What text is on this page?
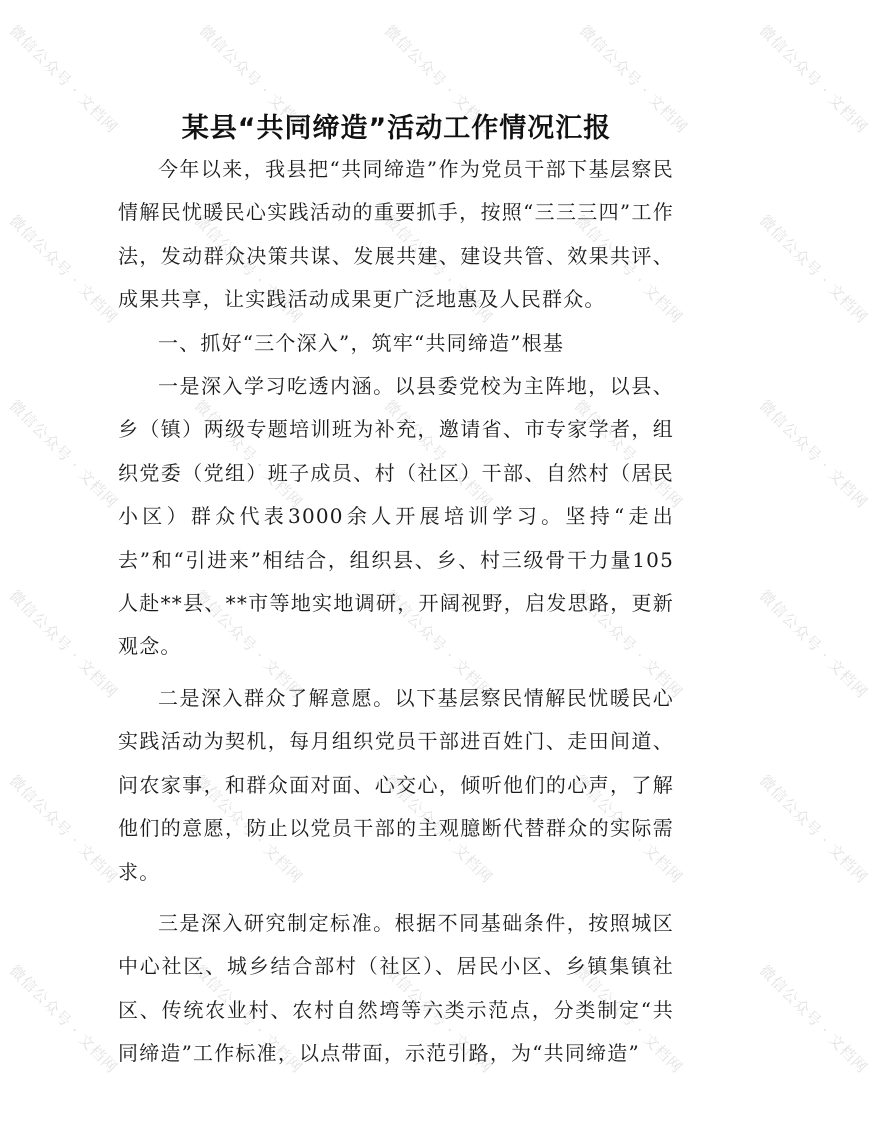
微信公众号 · 文档网	微信公众号 · 文档网	微信公众号 · 文档网	微信公众号 · 文档网	微信公众号 · 文档网
微信公众号 · 文档网	微信公众号 · 文档网	微信公众号 · 文档网	微信公众号 · 文档网	微信公众号 · 文档网
微信公众号 · 文档网	微信公众号 · 文档网	微信公众号 · 文档网	微信公众号 · 文档网	微信公众号 · 文档网
微信公众号 · 文档网	微信公众号 · 文档网	微信公众号 · 文档网	微信公众号 · 文档网	微信公众号 · 文档网
微信公众号 · 文档网	微信公众号 · 文档网	微信公众号 · 文档网	微信公众号 · 文档网	微信公众号 · 文档网
微信公众号 · 文档网	微信公众号 · 文档网	微信公众号 · 文档网	微信公众号 · 文档网	微信公众号 · 文档网
某县“共同缔造”活动工作情况汇报

今年以来，我县把“共同缔造”作为党员干部下基层察民情解民忧暖民心实践活动的重要抓手，按照“三三三四”工作法，发动群众决策共谋、发展共建、建设共管、效果共评、成果共享，让实践活动成果更广泛地惠及人民群众。

一、抓好“三个深入”，筑牢“共同缔造”根基

一是深入学习吃透内涵。以县委党校为主阵地，以县、乡（镇）两级专题培训班为补充，邀请省、市专家学者，组织党委（党组）班子成员、村（社区）干部、自然村（居民小区）群众代表3000余人开展培训学习。坚持“走出去”和“引进来”相结合，组织县、乡、村三级骨干力量105人赴**县、**市等地实地调研，开阔视野，启发思路，更新观念。

二是深入群众了解意愿。以下基层察民情解民忧暖民心实践活动为契机，每月组织党员干部进百姓门、走田间道、问农家事，和群众面对面、心交心，倾听他们的心声，了解他们的意愿，防止以党员干部的主观臆断代替群众的实际需求。

三是深入研究制定标准。根据不同基础条件，按照城区中心社区、城乡结合部村（社区）、居民小区、乡镇集镇社区、传统农业村、农村自然塆等六类示范点，分类制定“共同缔造”工作标准，以点带面，示范引路，为“共同缔造”
